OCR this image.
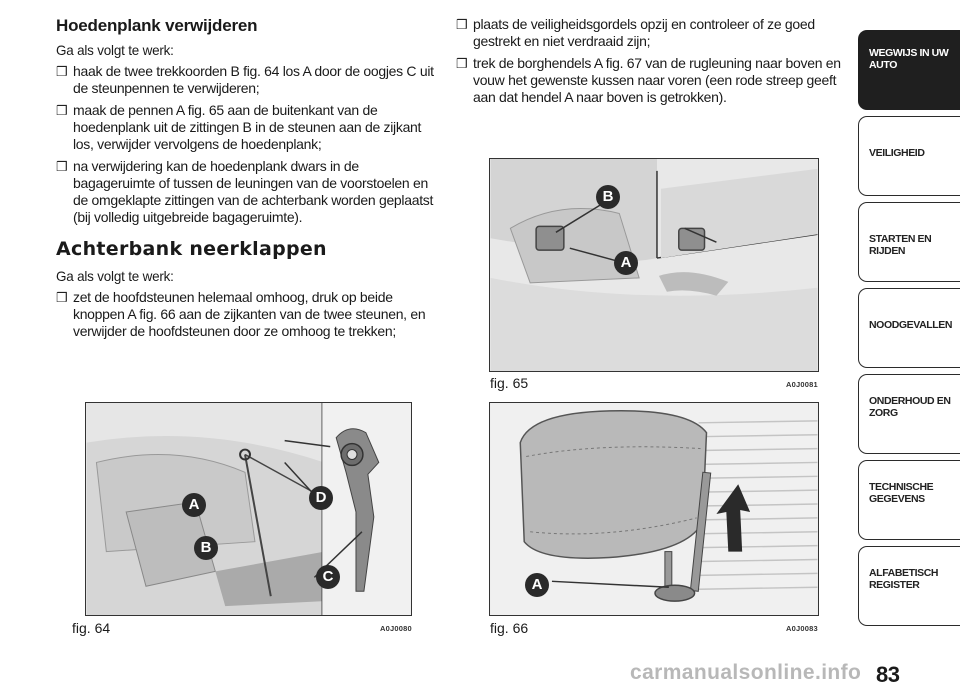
Hoedenplank verwijderen
Ga als volgt te werk:
❒ haak de twee trekkoorden B fig. 64 los A door de oogjes C uit de steunpennen te verwijderen;
❒ maak de pennen A fig. 65 aan de buitenkant van de hoedenplank uit de zittingen B in de steunen aan de zijkant los, verwijder vervolgens de hoedenplank;
❒ na verwijdering kan de hoedenplank dwars in de bagageruimte of tussen de leuningen van de voorstoelen en de omgeklapte zittingen van de achterbank worden geplaatst (bij volledig uitgebreide bagageruimte).
Achterbank neerklappen
Ga als volgt te werk:
❒ zet de hoofdsteunen helemaal omhoog, druk op beide knoppen A fig. 66 aan de zijkanten van de twee steunen, en verwijder de hoofdsteunen door ze omhoog te trekken;
❒ plaats de veiligheidsgordels opzij en controleer of ze goed gestrekt en niet verdraaid zijn;
❒ trek de borghendels A fig. 67 van de rugleuning naar boven en vouw het gewenste kussen naar voren (een rode streep geeft aan dat hendel A naar boven is getrokken).
A
B
C
D
fig. 64	A0J0080
B
A
fig. 65	A0J0081
A
fig. 66	A0J0083
WEGWIJS IN UW AUTO
VEILIGHEID
STARTEN EN RIJDEN
NOODGEVALLEN
ONDERHOUD EN ZORG
TECHNISCHE GEGEVENS
ALFABETISCH REGISTER
carmanualsonline.info 83
